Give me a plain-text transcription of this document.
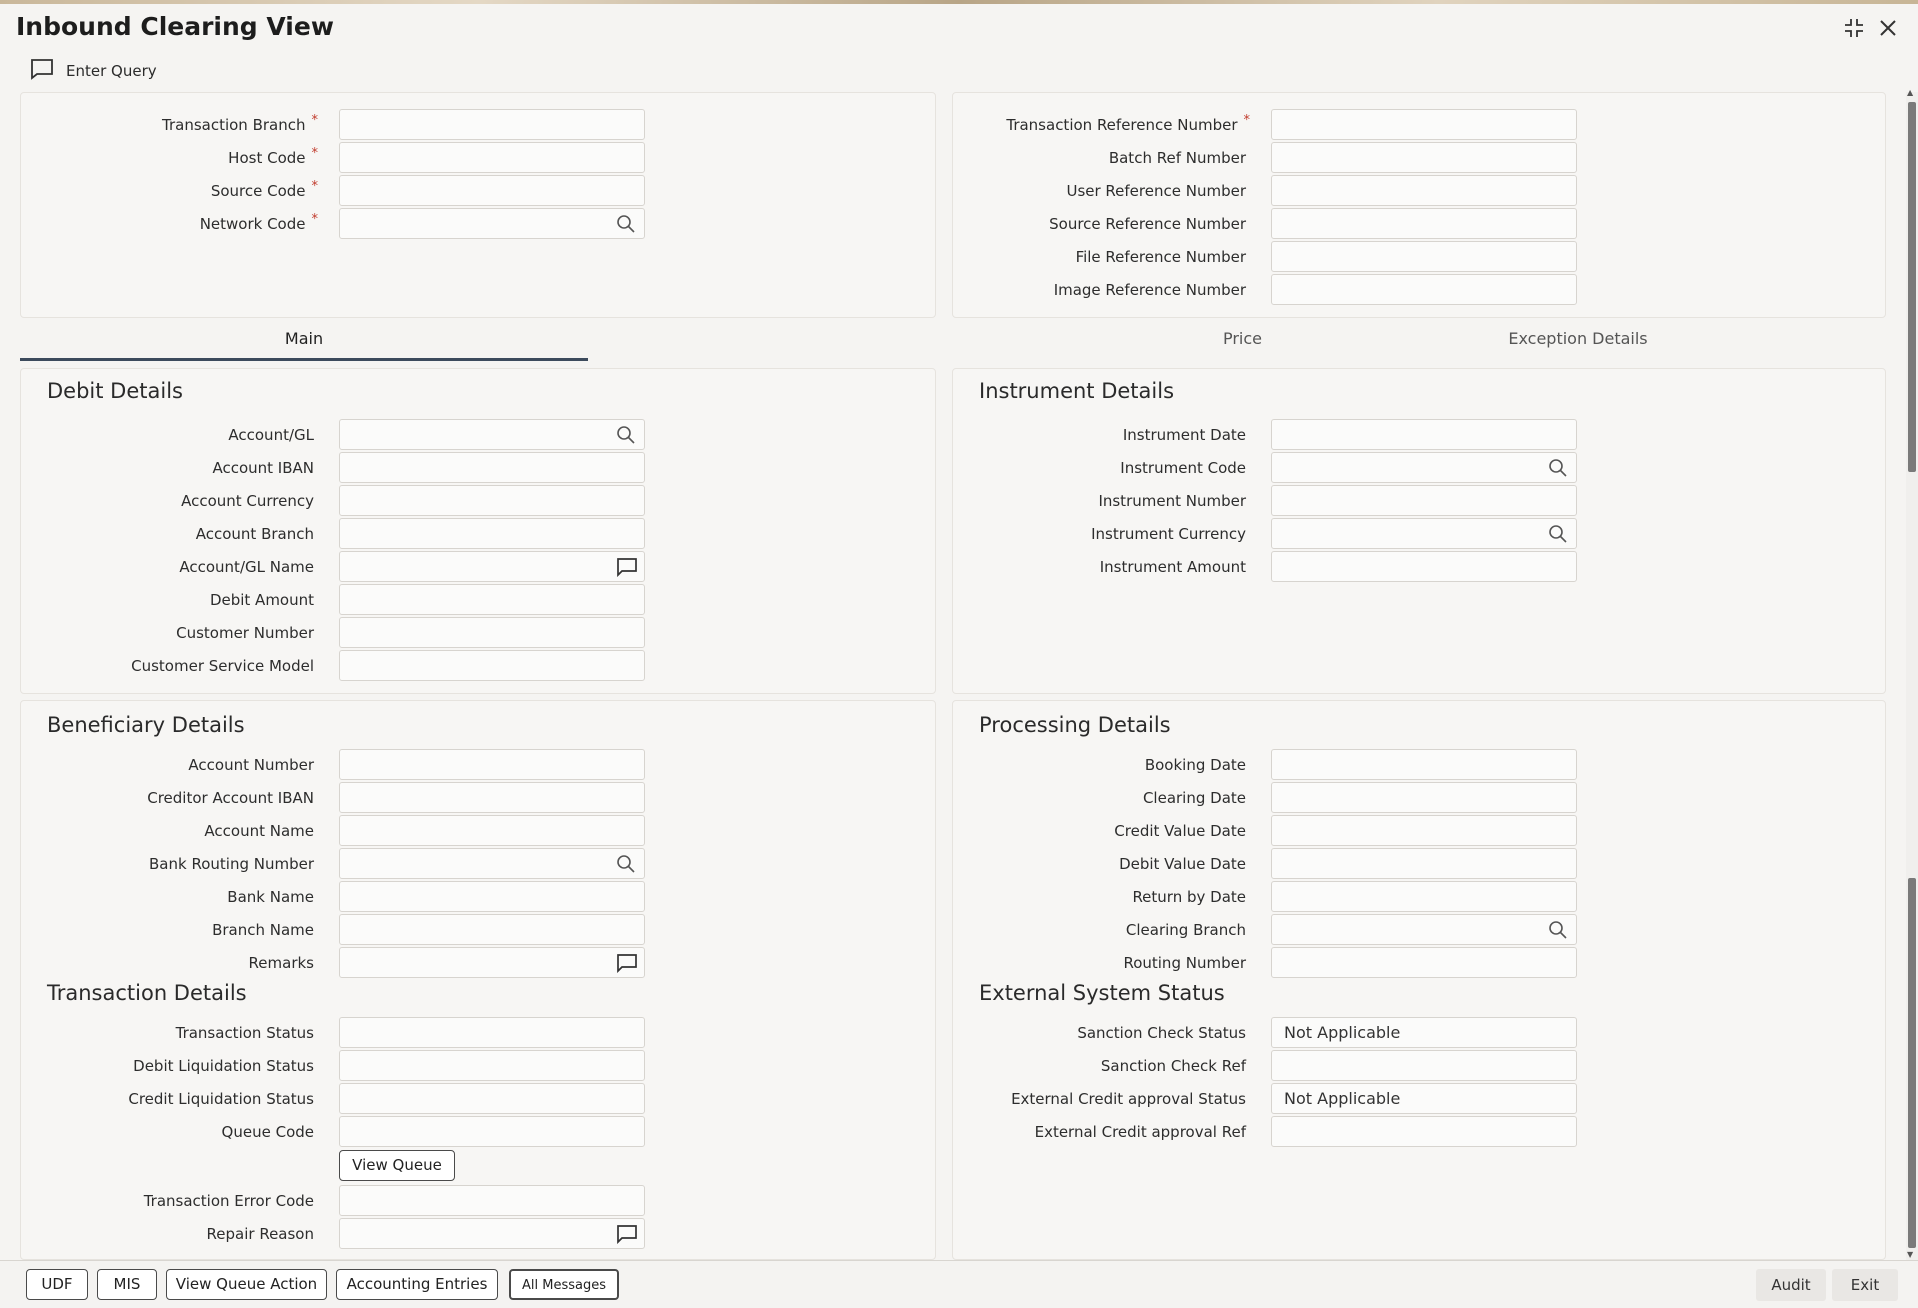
Inbound Clearing View
Enter Query
Transaction Branch *
Host Code *
Source Code *
Network Code *
Transaction Reference Number *
Batch Ref Number
User Reference Number
Source Reference Number
File Reference Number
Image Reference Number
Main	Price	Exception Details
Debit Details
Account/GL
Account IBAN
Account Currency
Account Branch
Account/GL Name
Debit Amount
Customer Number
Customer Service Model
Instrument Details
Instrument Date
Instrument Code
Instrument Number
Instrument Currency
Instrument Amount
Beneficiary Details
Account Number
Creditor Account IBAN
Account Name
Bank Routing Number
Bank Name
Branch Name
Remarks
Transaction Details
Transaction Status
Debit Liquidation Status
Credit Liquidation Status
Queue Code
View Queue
Transaction Error Code
Repair Reason
Processing Details
Booking Date
Clearing Date
Credit Value Date
Debit Value Date
Return by Date
Clearing Branch
Routing Number
External System Status
Sanction Check Status	Not Applicable
Sanction Check Ref
External Credit approval Status	Not Applicable
External Credit approval Ref
▲
▼
UDF	MIS	View Queue Action	Accounting Entries	All Messages	Audit	Exit
